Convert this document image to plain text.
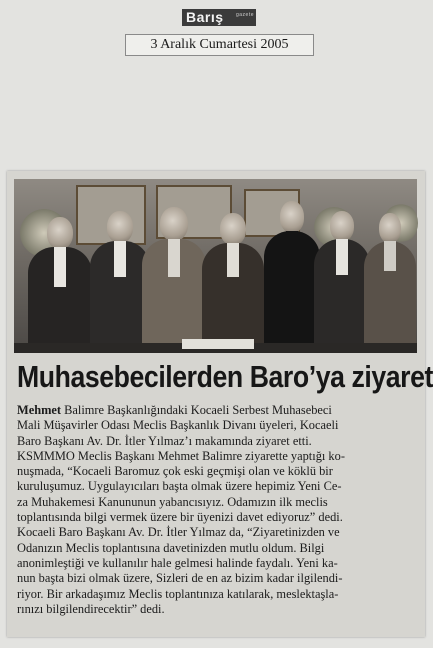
Barış gazete
3 Aralık Cumartesi 2005
Muhasebecilerden Baro’ya ziyaret
Mehmet Balimre Başkanlığındaki Kocaeli Serbest Muhasebeci
Mali Müşavirler Odası Meclis Başkanlık Divanı üyeleri, Kocaeli
Baro Başkanı Av. Dr. İtler Yılmaz’ı makamında ziyaret etti.
KSMMMO Meclis Başkanı Mehmet Balimre ziyarette yaptığı ko-
nuşmada, “Kocaeli Baromuz çok eski geçmişi olan ve köklü bir
kuruluşumuz. Uygulayıcıları başta olmak üzere hepimiz Yeni Ce-
za Muhakemesi Kanununun yabancısıyız. Odamızın ilk meclis
toplantısında bilgi vermek üzere bir üyenizi davet ediyoruz” dedi.
Kocaeli Baro Başkanı Av. Dr. İtler Yılmaz da, “Ziyaretinizden ve
Odanızın Meclis toplantısına davetinizden mutlu oldum. Bilgi
anonimleştiği ve kullanılır hale gelmesi halinde faydalı. Yeni ka-
nun başta bizi olmak üzere, Sizleri de en az bizim kadar ilgilendi-
riyor. Bir arkadaşımız Meclis toplantınıza katılarak, meslektaşla-
rınızı bilgilendirecektir” dedi.
